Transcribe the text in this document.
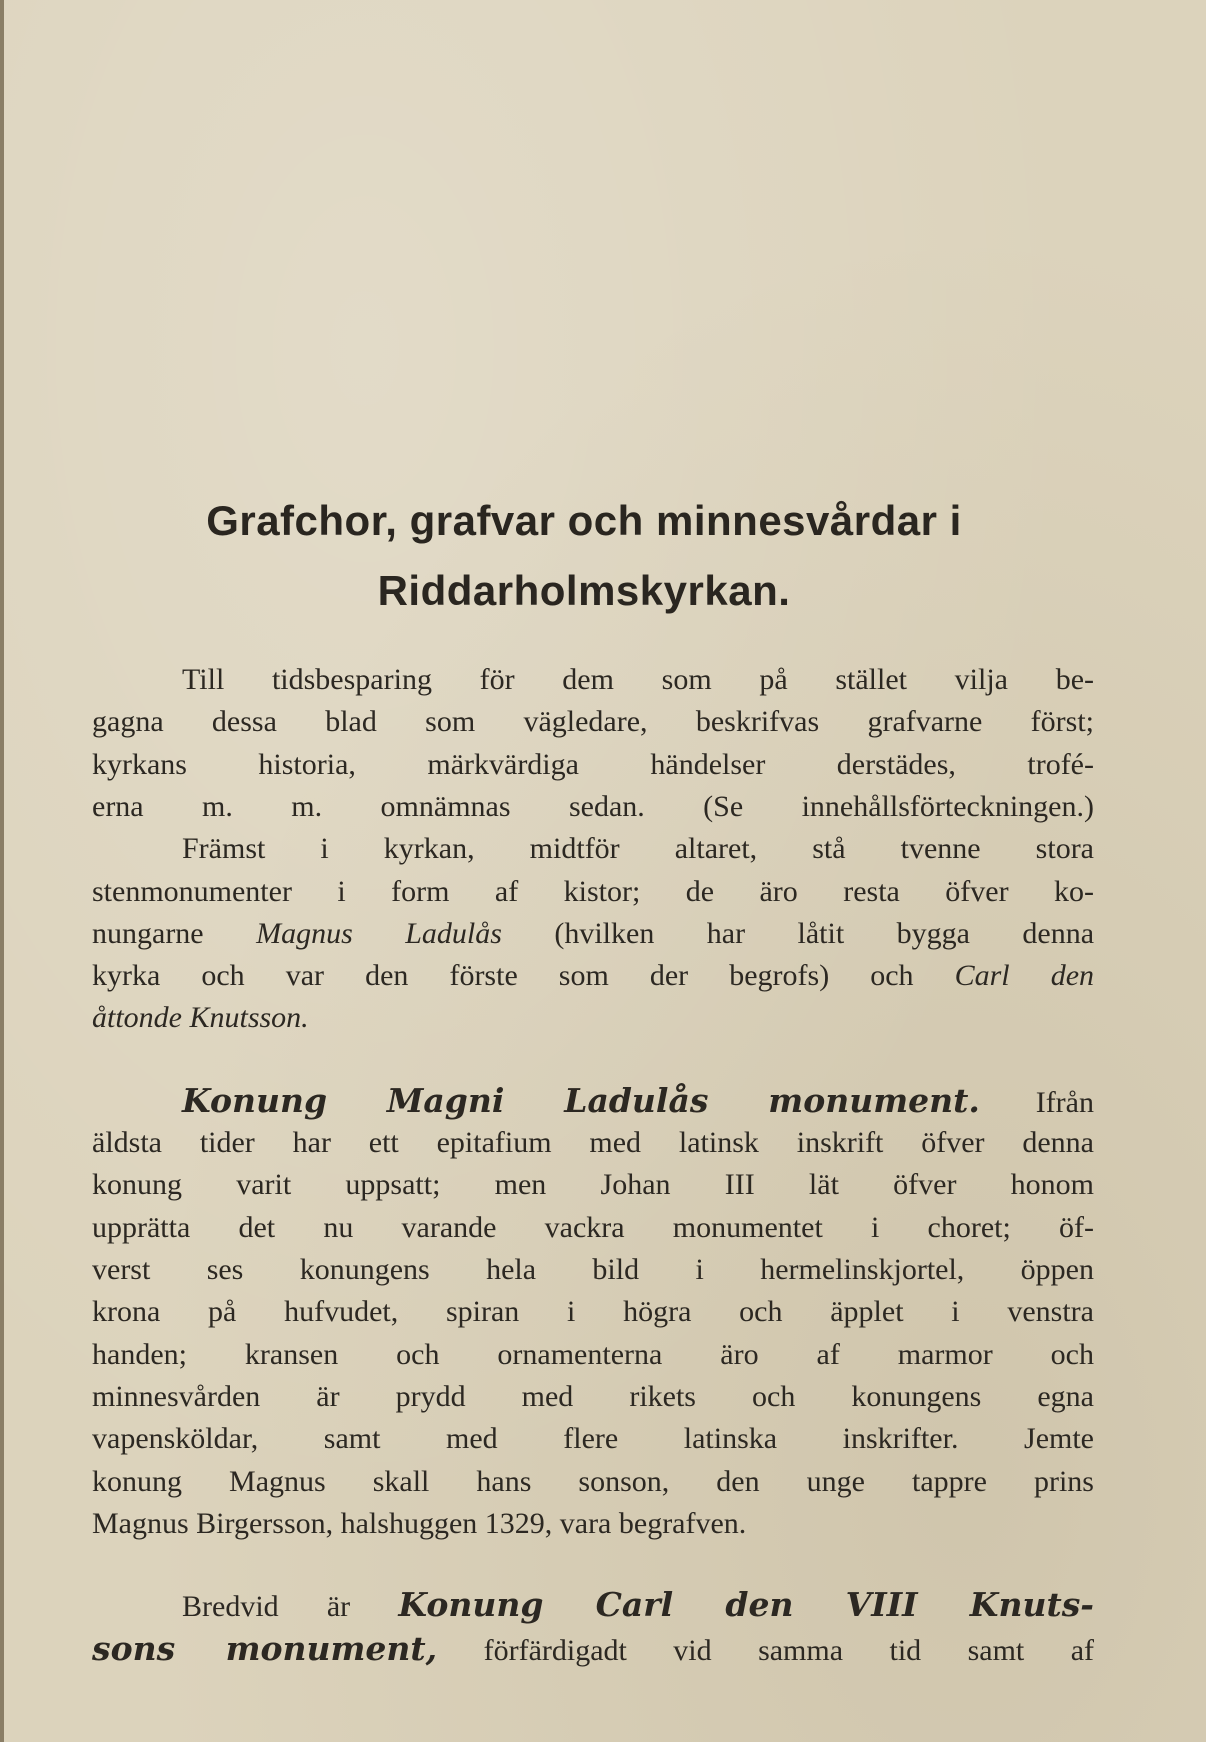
Grafchor, grafvar och minnesvårdar i
Riddarholmskyrkan.
Till tidsbesparing för dem som på stället vilja be-
gagna dessa blad som vägledare, beskrifvas grafvarne först;
kyrkans historia, märkvärdiga händelser derstädes, trofé-
erna m. m. omnämnas sedan. (Se innehållsförteckningen.)
Främst i kyrkan, midtför altaret, stå tvenne stora
stenmonumenter i form af kistor; de äro resta öfver ko-
nungarne Magnus Ladulås (hvilken har låtit bygga denna
kyrka och var den förste som der begrofs) och Carl den
åttonde Knutsson.
Konung Magni Ladulås monument. Ifrån
äldsta tider har ett epitafium med latinsk inskrift öfver denna
konung varit uppsatt; men Johan III lät öfver honom
upprätta det nu varande vackra monumentet i choret; öf-
verst ses konungens hela bild i hermelinskjortel, öppen
krona på hufvudet, spiran i högra och äpplet i venstra
handen; kransen och ornamenterna äro af marmor och
minnesvården är prydd med rikets och konungens egna
vapensköldar, samt med flere latinska inskrifter. Jemte
konung Magnus skall hans sonson, den unge tappre prins
Magnus Birgersson, halshuggen 1329, vara begrafven.
Bredvid är Konung Carl den VIII Knuts-
sons monument, förfärdigadt vid samma tid samt af
